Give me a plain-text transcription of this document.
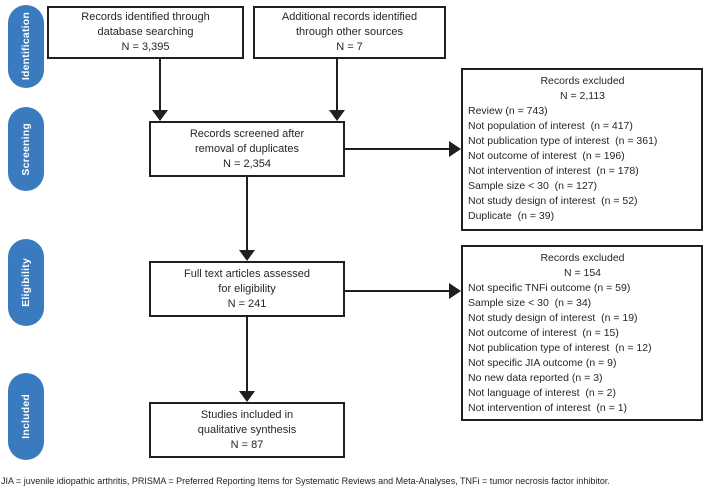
Identification
Screening
Eligibility
Included
Records identified through
database searching
N = 3,395
Additional records identified
through other sources
N = 7
Records screened after
removal of duplicates
N = 2,354
Full text articles assessed
for eligibility
N = 241
Studies included in
qualitative synthesis
N = 87
Records excluded
N = 2,113
Review (n = 743)
Not population of interest  (n = 417)
Not publication type of interest  (n = 361)
Not outcome of interest  (n = 196)
Not intervention of interest  (n = 178)
Sample size < 30  (n = 127)
Not study design of interest  (n = 52)
Duplicate  (n = 39)
Records excluded
N = 154
Not specific TNFi outcome (n = 59)
Sample size < 30  (n = 34)
Not study design of interest  (n = 19)
Not outcome of interest  (n = 15)
Not publication type of interest  (n = 12)
Not specific JIA outcome (n = 9)
No new data reported (n = 3)
Not language of interest  (n = 2)
Not intervention of interest  (n = 1)
JIA = juvenile idiopathic arthritis, PRISMA = Preferred Reporting Items for Systematic Reviews and Meta-Analyses, TNFi = tumor necrosis factor inhibitor.
